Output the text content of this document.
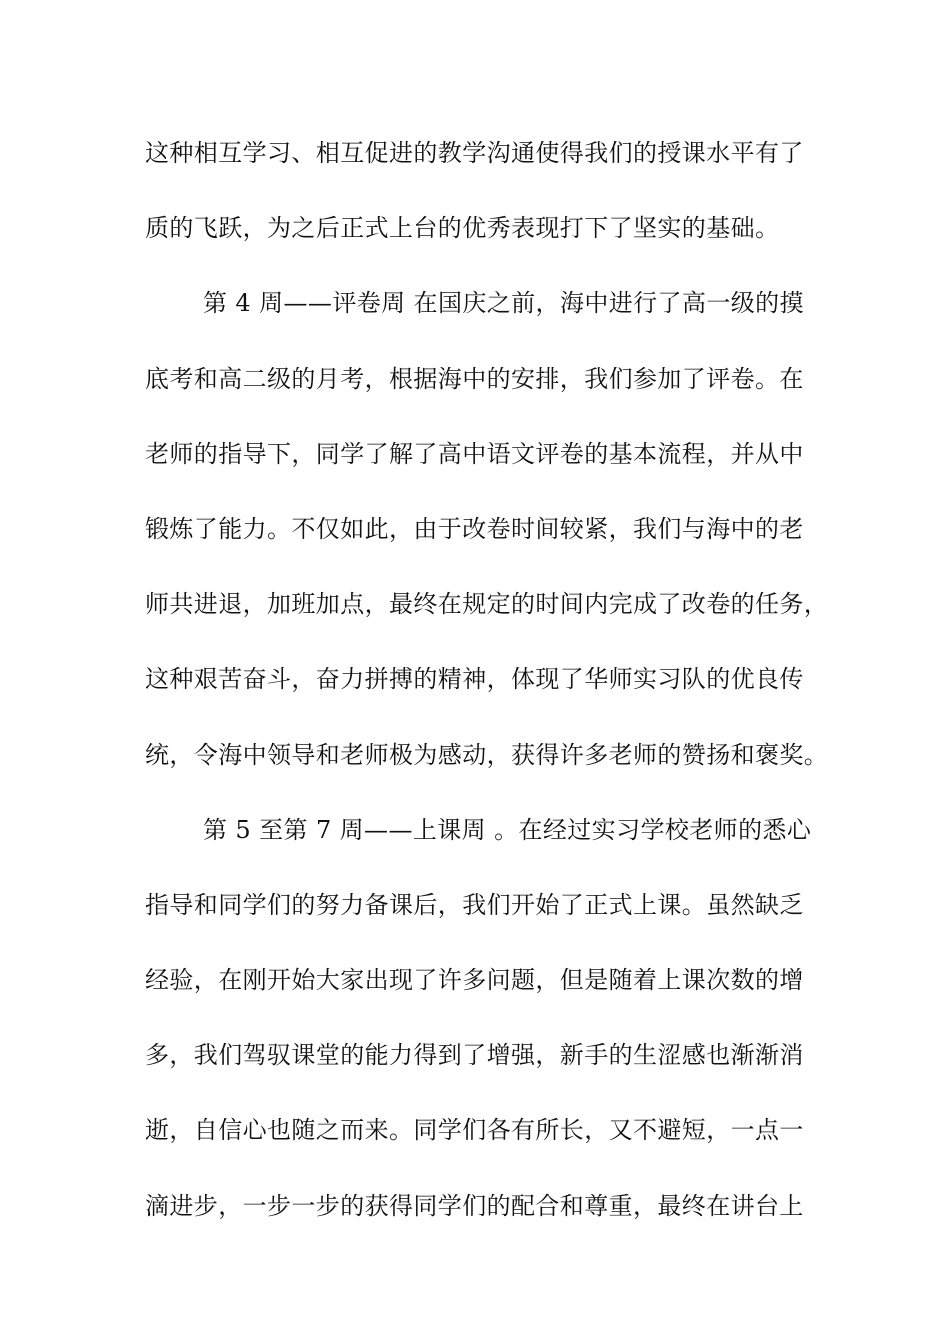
这种相互学习、相互促进的教学沟通使得我们的授课水平有了
质的飞跃，为之后正式上台的优秀表现打下了坚实的基础。
第 4 周——评卷周 在国庆之前，海中进行了高一级的摸
底考和高二级的月考，根据海中的安排，我们参加了评卷。在
老师的指导下，同学了解了高中语文评卷的基本流程，并从中
锻炼了能力。不仅如此，由于改卷时间较紧，我们与海中的老
师共进退，加班加点，最终在规定的时间内完成了改卷的任务，
这种艰苦奋斗，奋力拼搏的精神，体现了华师实习队的优良传
统，令海中领导和老师极为感动，获得许多老师的赞扬和褒奖。
第 5 至第 7 周——上课周 。在经过实习学校老师的悉心
指导和同学们的努力备课后，我们开始了正式上课。虽然缺乏
经验，在刚开始大家出现了许多问题，但是随着上课次数的增
多，我们驾驭课堂的能力得到了增强，新手的生涩感也渐渐消
逝，自信心也随之而来。同学们各有所长，又不避短，一点一
滴进步，一步一步的获得同学们的配合和尊重，最终在讲台上
